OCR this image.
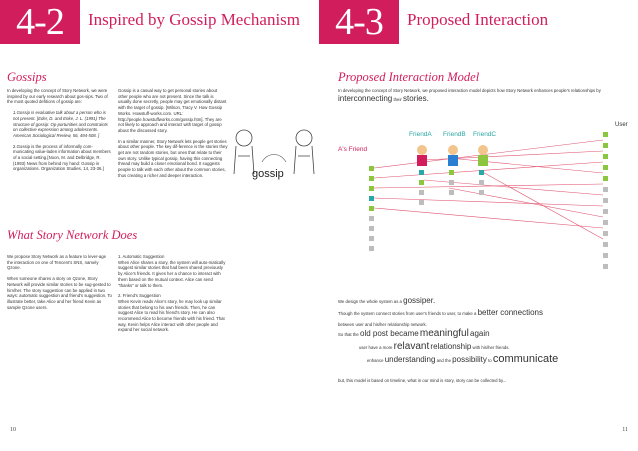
4-2	Inspired by Gossip Mechanism
Gossips

In developing the concept of Story Network, we were inspired by our early research about gos-sips. Two of the most quoted defitions of gossip are:

1.Gossip is evaluative talk about a person who is not present. [Eder, D. and Enke, J. L. (1991) The structure of gossip: Op-portunities and constraints on collective expression among adolescents. American Sociological Review, 56, 494-508. ]

2.Gossip is the process of informally com-municating value-laden information about members of a social setting.[Noon, M. and Delbridge, R. (1993) News from behind my hand: Gossip in organizations. Organization Studies, 14, 23-36.]

Gossip is a casual way to get personal stories about other people who are not present. Since the talk is usually done secretly, people may get emotionally distant with the target of gossip. [Wilson, Tracy V. How Gossip Works. Howstuff-works.com. URL: http://people.howstuffworks.com/gossip.htm]. They are not likely to approach and interact with target of gossip about the discussed story.

In a similar manner, Story Network lets people get stories about other people. The key dif-ference is the stories they get are not random stories, but ones that relate to their own story. Unlike typical gossip, having this connecting thread may build a closer emotional bond. It suggests people to talk with each other about the common stories, thus creating a richer and deeper interaction.	gossip
What Story Network Does

We propose Story Network as a feature to lever-age the interaction on one of Tencent's SNS, namely Qzone.

When someone shares a story on Qzone, Story Network will provide similar stories to be sug-gested to him/her. The story suggestion can be applied in two ways: automatic suggestion and friend's suggestion. To illustrate better, take Alice and her friend Kevin as sample Qzone users.

1. Automatic Suggestion

When Alice shares a story, the system will auto-matically suggest similar stories that had been shared previously by Alice's friends. It gives her a chance to interact with them based on the mutual context. Alice can send "thanks" or talk to them.

2. Friend's Suggestion

When Kevin reads Alice's story, he may look up similar stories that belong to his own friends. Then, he can suggest Alice to read his friend's story. He can also recommend Alice to become friends with his friend. That way, Kevin helps Alice interact with other people and expand her social network.

10
4-3	Proposed Interaction
Proposed Interaction Model
In developing the concept of Story Network, we proposed interaction model depicts how Story Network enhances people's relationships by
interconnecting their stories.
FriendA FriendB FriendC
A's Friend
User
We design the whole system as a gossiper.
Though the system connect stories from user's friends to user, to make a better connections
between user and his/her relationship network.
So that the old post became meaningful again
user have a more relavant relationship with his/her friends.
enhance understanding and the possibility to communicate
but, this model is based on timeline, what in our mind is story, story can be collected by...
11
